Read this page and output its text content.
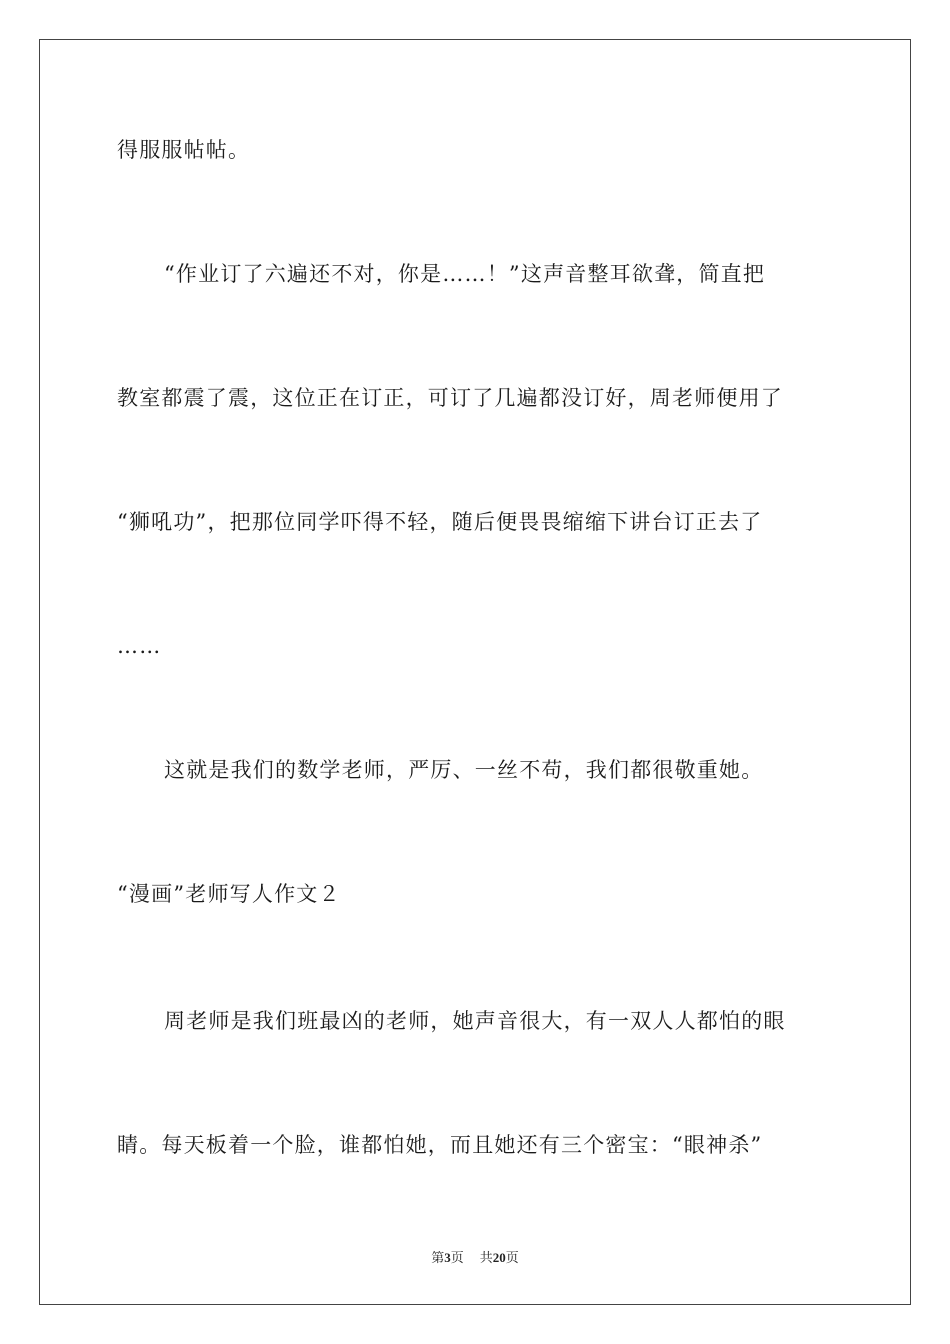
得服服帖帖。
“作业订了六遍还不对，你是……！”这声音整耳欲聋，简直把
教室都震了震，这位正在订正，可订了几遍都没订好，周老师便用了
“狮吼功”，把那位同学吓得不轻，随后便畏畏缩缩下讲台订正去了
……
这就是我们的数学老师，严厉、一丝不苟，我们都很敬重她。
“漫画”老师写人作文２
周老师是我们班最凶的老师，她声音很大，有一双人人都怕的眼
睛。每天板着一个脸，谁都怕她，而且她还有三个密宝：“眼神杀”
第3页 共20页
